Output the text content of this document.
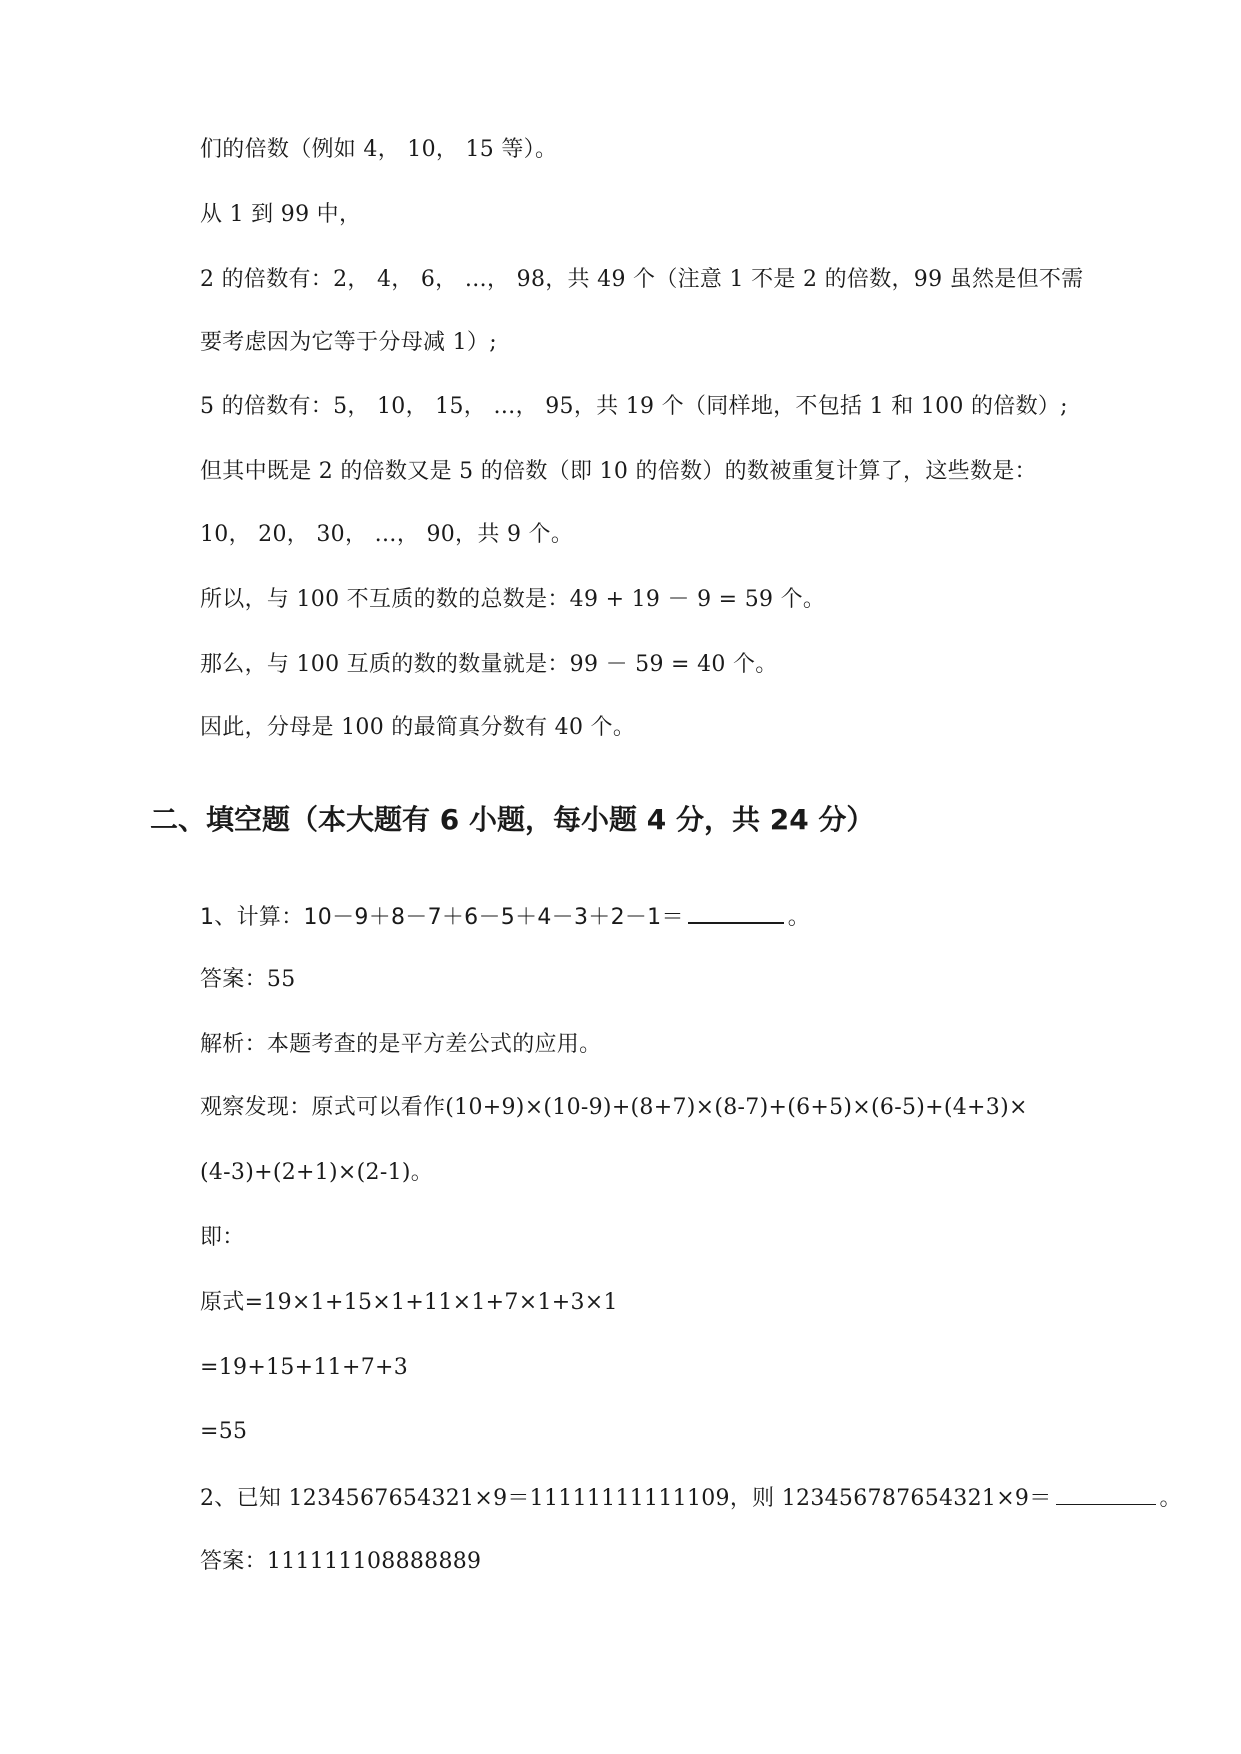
们的倍数（例如 4， 10， 15 等）。
从 1 到 99 中，
2 的倍数有：2， 4， 6， …， 98，共 49 个（注意 1 不是 2 的倍数，99 虽然是但不需
要考虑因为它等于分母减 1）;
5 的倍数有：5， 10， 15， …， 95，共 19 个（同样地，不包括 1 和 100 的倍数）;
但其中既是 2 的倍数又是 5 的倍数（即 10 的倍数）的数被重复计算了，这些数是：
10， 20， 30， …， 90，共 9 个。
所以，与 100 不互质的数的总数是：49 + 19 － 9 = 59 个。
那么，与 100 互质的数的数量就是：99 － 59 = 40 个。
因此，分母是 100 的最简真分数有 40 个。
二、填空题（本大题有 6 小题，每小题 4 分，共 24 分）
1、计算：10－9＋8－7＋6－5＋4－3＋2－1＝	。
答案：55
解析：本题考查的是平方差公式的应用。
观察发现：原式可以看作(10+9)×(10-9)+(8+7)×(8-7)+(6+5)×(6-5)+(4+3)×
(4-3)+(2+1)×(2-1)。
即：
原式=19×1+15×1+11×1+7×1+3×1
=19+15+11+7+3
=55
2、已知 1234567654321×9＝11111111111109，则 123456787654321×9＝	。
答案：111111108888889
